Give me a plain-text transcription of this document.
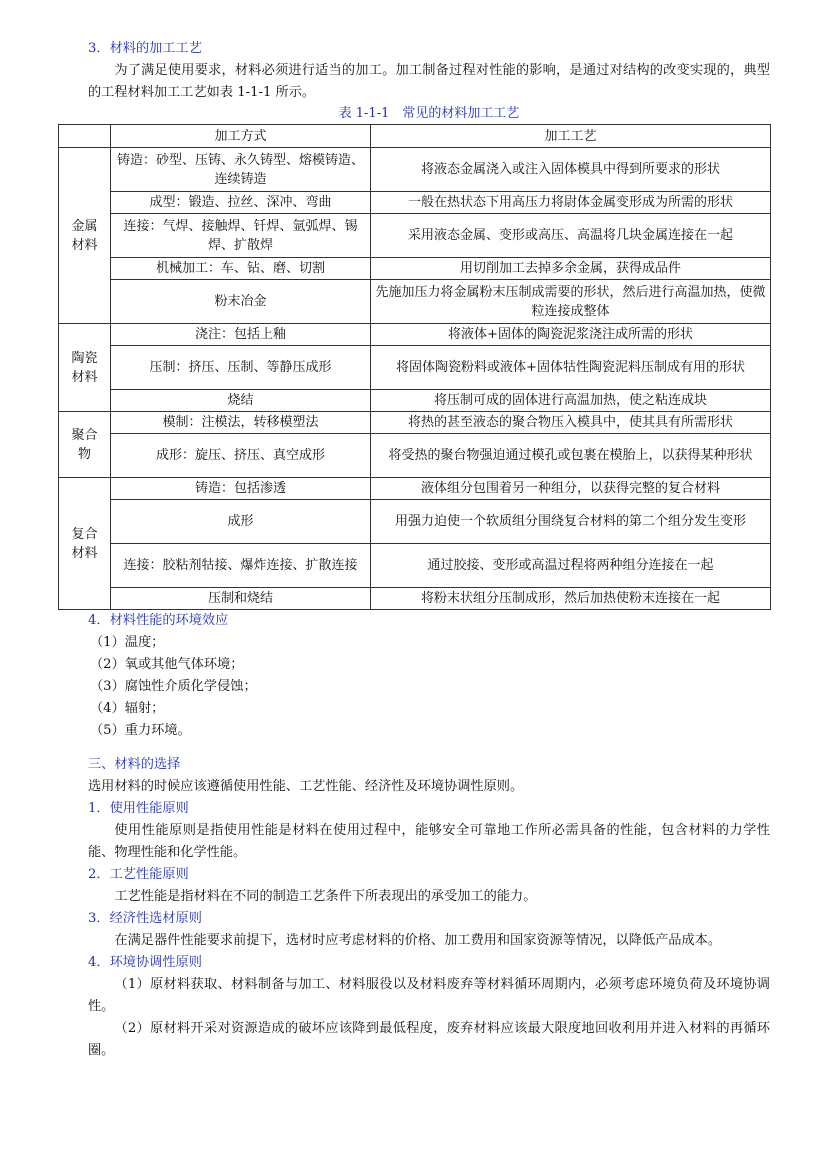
3．材料的加工工艺
为了满足使用要求，材料必须进行适当的加工。加工制备过程对性能的影响，是通过对结构的改变实现的，典型的工程材料加工工艺如表 1-1-1 所示。
表 1-1-1　常见的材料加工工艺
	加工方式	加工工艺
金属材料	铸造：砂型、压铸、永久铸型、熔模铸造、连续铸造	将液态金属浇入或注入固体模具中得到所要求的形状
	成型：锻造、拉丝、深冲、弯曲	一般在热状态下用高压力将尉体金属变形成为所需的形状
	连接：气焊、接触焊、钎焊、氩弧焊、锡焊、扩散焊	采用液态金属、变形或高压、高温将几块金属连接在一起
	机械加工：车、钻、磨、切割	用切削加工去掉多余金属，获得成品件
	粉末冶金	先施加压力将金属粉末压制成需要的形状，然后进行高温加热，使微粒连接成整体
陶瓷材料	浇注：包括上釉	将液体+固体的陶瓷泥浆浇注成所需的形状
	压制：挤压、压制、等静压成形	将固体陶瓷粉料或液体+固体牯性陶瓷泥料压制成有用的形状
	烧结	将压制可成的固体进行高温加热，使之粘连成块
聚合物	模制：注模法，转移模塑法	将热的甚至液态的聚合物压入模具中，使其具有所需形状
	成形：旋压、挤压、真空成形	将受热的聚台物强迫通过模孔或包裹在模胎上，以获得某种形状
复合材料	铸造：包括渗透	液体组分包围着另一种组分，以获得完整的复合材料
	成形	用强力迫使一个软质组分围绕复合材料的第二个组分发生变形
	连接：胶粘剂牯接、爆炸连接、扩散连接	通过胶接、变形或高温过程将两种组分连接在一起
	压制和烧结	将粉末状组分压制成形，然后加热使粉末连接在一起
4．材料性能的环境效应
（1）温度；
（2）氧或其他气体环境；
（3）腐蚀性介质化学侵蚀；
（4）辐射；
（5）重力环境。
三、材料的选择
选用材料的时候应该遵循使用性能、工艺性能、经济性及环境协调性原则。
1．使用性能原则
使用性能原则是指使用性能是材料在使用过程中，能够安全可靠地工作所必需具备的性能，包含材料的力学性能、物理性能和化学性能。
2．工艺性能原则
工艺性能是指材料在不同的制造工艺条件下所表现出的承受加工的能力。
3．经济性选材原则
在满足器件性能要求前提下，选材时应考虑材料的价格、加工费用和国家资源等情况，以降低产品成本。
4．环境协调性原则
（1）原材料获取、材料制备与加工、材料服役以及材料废弃等材料循环周期内，必须考虑环境负荷及环境协调性。
（2）原材料开采对资源造成的破坏应该降到最低程度，废弃材料应该最大限度地回收利用并进入材料的再循环圈。
